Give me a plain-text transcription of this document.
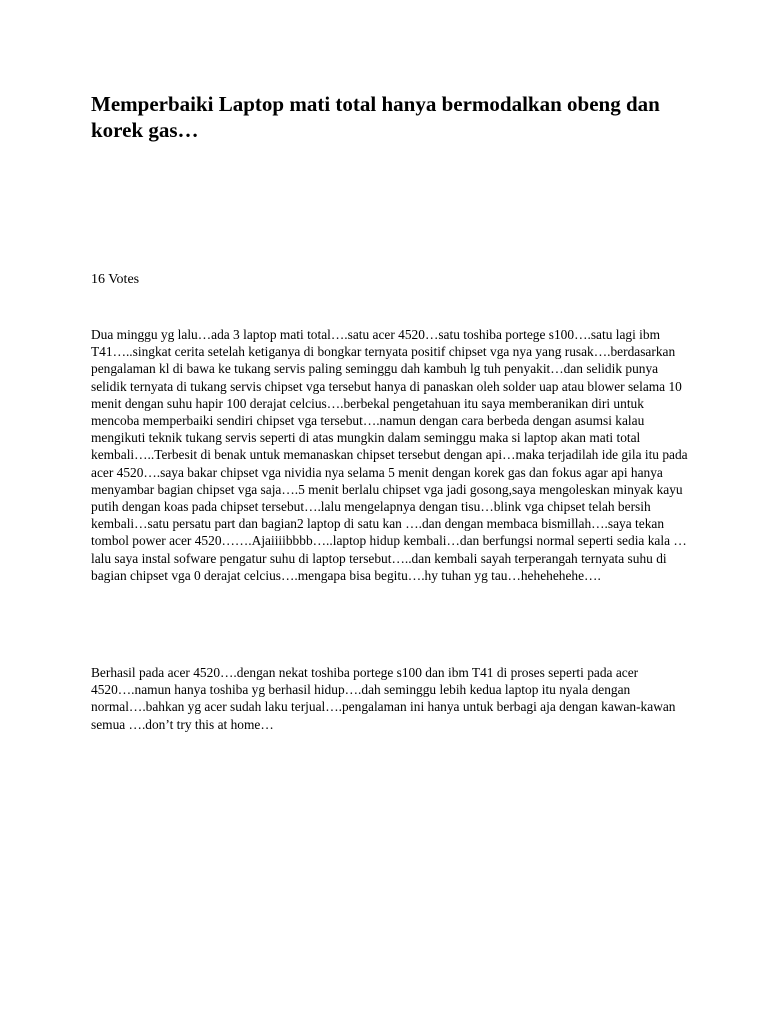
Memperbaiki Laptop mati total hanya bermodalkan obeng dan korek gas…

16 Votes

Dua minggu yg lalu…ada 3 laptop mati total….satu acer 4520…satu toshiba portege s100….satu lagi ibm T41…..singkat cerita setelah ketiganya di bongkar ternyata positif chipset vga nya yang rusak….berdasarkan pengalaman kl di bawa ke tukang servis paling seminggu dah kambuh lg tuh penyakit…dan selidik punya selidik ternyata di tukang servis chipset vga tersebut hanya di panaskan oleh solder uap atau blower selama 10 menit dengan suhu hapir 100 derajat celcius….berbekal pengetahuan itu saya memberanikan diri untuk mencoba memperbaiki sendiri chipset vga tersebut….namun dengan cara berbeda dengan asumsi kalau mengikuti teknik tukang servis seperti di atas mungkin dalam seminggu maka si laptop akan mati total kembali…..Terbesit di benak untuk memanaskan chipset tersebut dengan api…maka terjadilah ide gila itu pada acer 4520….saya bakar chipset vga nividia nya selama 5 menit dengan korek gas dan fokus agar api hanya menyambar bagian chipset vga saja….5 menit berlalu chipset vga jadi gosong,saya mengoleskan minyak kayu putih dengan koas pada chipset tersebut….lalu mengelapnya dengan tisu…blink vga chipset telah bersih kembali…satu persatu part dan bagian2 laptop di satu kan ….dan dengan membaca bismillah….saya tekan tombol power acer 4520…….Ajaiiiibbbb…..laptop hidup kembali…dan berfungsi normal seperti sedia kala …lalu saya instal sofware pengatur suhu di laptop tersebut…..dan kembali sayah terperangah ternyata suhu di bagian chipset vga 0 derajat celcius….mengapa bisa begitu….hy tuhan yg tau…hehehehehe….

Berhasil pada acer 4520….dengan nekat toshiba portege s100 dan ibm T41 di proses seperti pada acer 4520….namun hanya toshiba yg berhasil hidup….dah seminggu lebih kedua laptop itu nyala dengan normal….bahkan yg acer sudah laku terjual….pengalaman ini hanya untuk berbagi aja dengan kawan-kawan semua ….don’t try this at home…
